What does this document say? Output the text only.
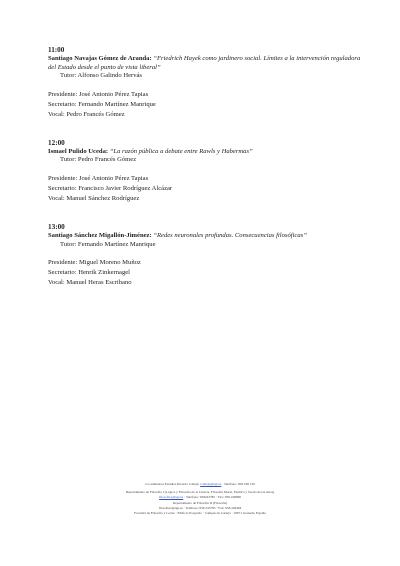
11:00
Santiago Navajas Gómez de Aranda: “Friedrich Hayek como jardinero social. Límites a la intervención reguladora del Estado desde el punto de vista liberal”
Tutor: Alfonso Galindo Hervás
Presidente: José Antonio Pérez Tapias
Secretario: Fernando Martínez Manrique
Vocal: Pedro Francés Gómez
12:00
Ismael Pulido Uceda: “La razón pública a debate entre Rawls y Habermas”
Tutor: Pedro Francés Gómez
Presidente: José Antonio Pérez Tapias
Secretario: Francisco Javier Rodríguez Alcázar
Vocal: Manuel Sánchez Rodríguez
13:00
Santiago Sánchez Migallón-Jiménez: “Redes neuronales profundas. Consecuencias filosóficas”
Tutor: Fernando Martínez Manrique
Presidente: Miguel Moreno Muñoz
Secretario: Henrik Zinkernagel
Vocal: Manuel Heras Escribano
Coordinadora Estudios Ricardo Calleja: rcalleja@ugr.es · Teléfono: 958 248 139
Departamento de Filosofía I (Lógica y Filosofía de la Ciencia, Filosofía Moral, Estética y Teoría de las Artes)
filosofia1@ugr.es · Teléfono: 958243785 · Fax: 958 248098
Departamento de Filosofía II (Filosofía)
filosofia2@ugr.es · Teléfono: 958 243785 · Fax: 958 246464
Facultad de Filosofía y Letras · Edificio Posgrado · Campus de Cartuja · 18071 Granada, España
